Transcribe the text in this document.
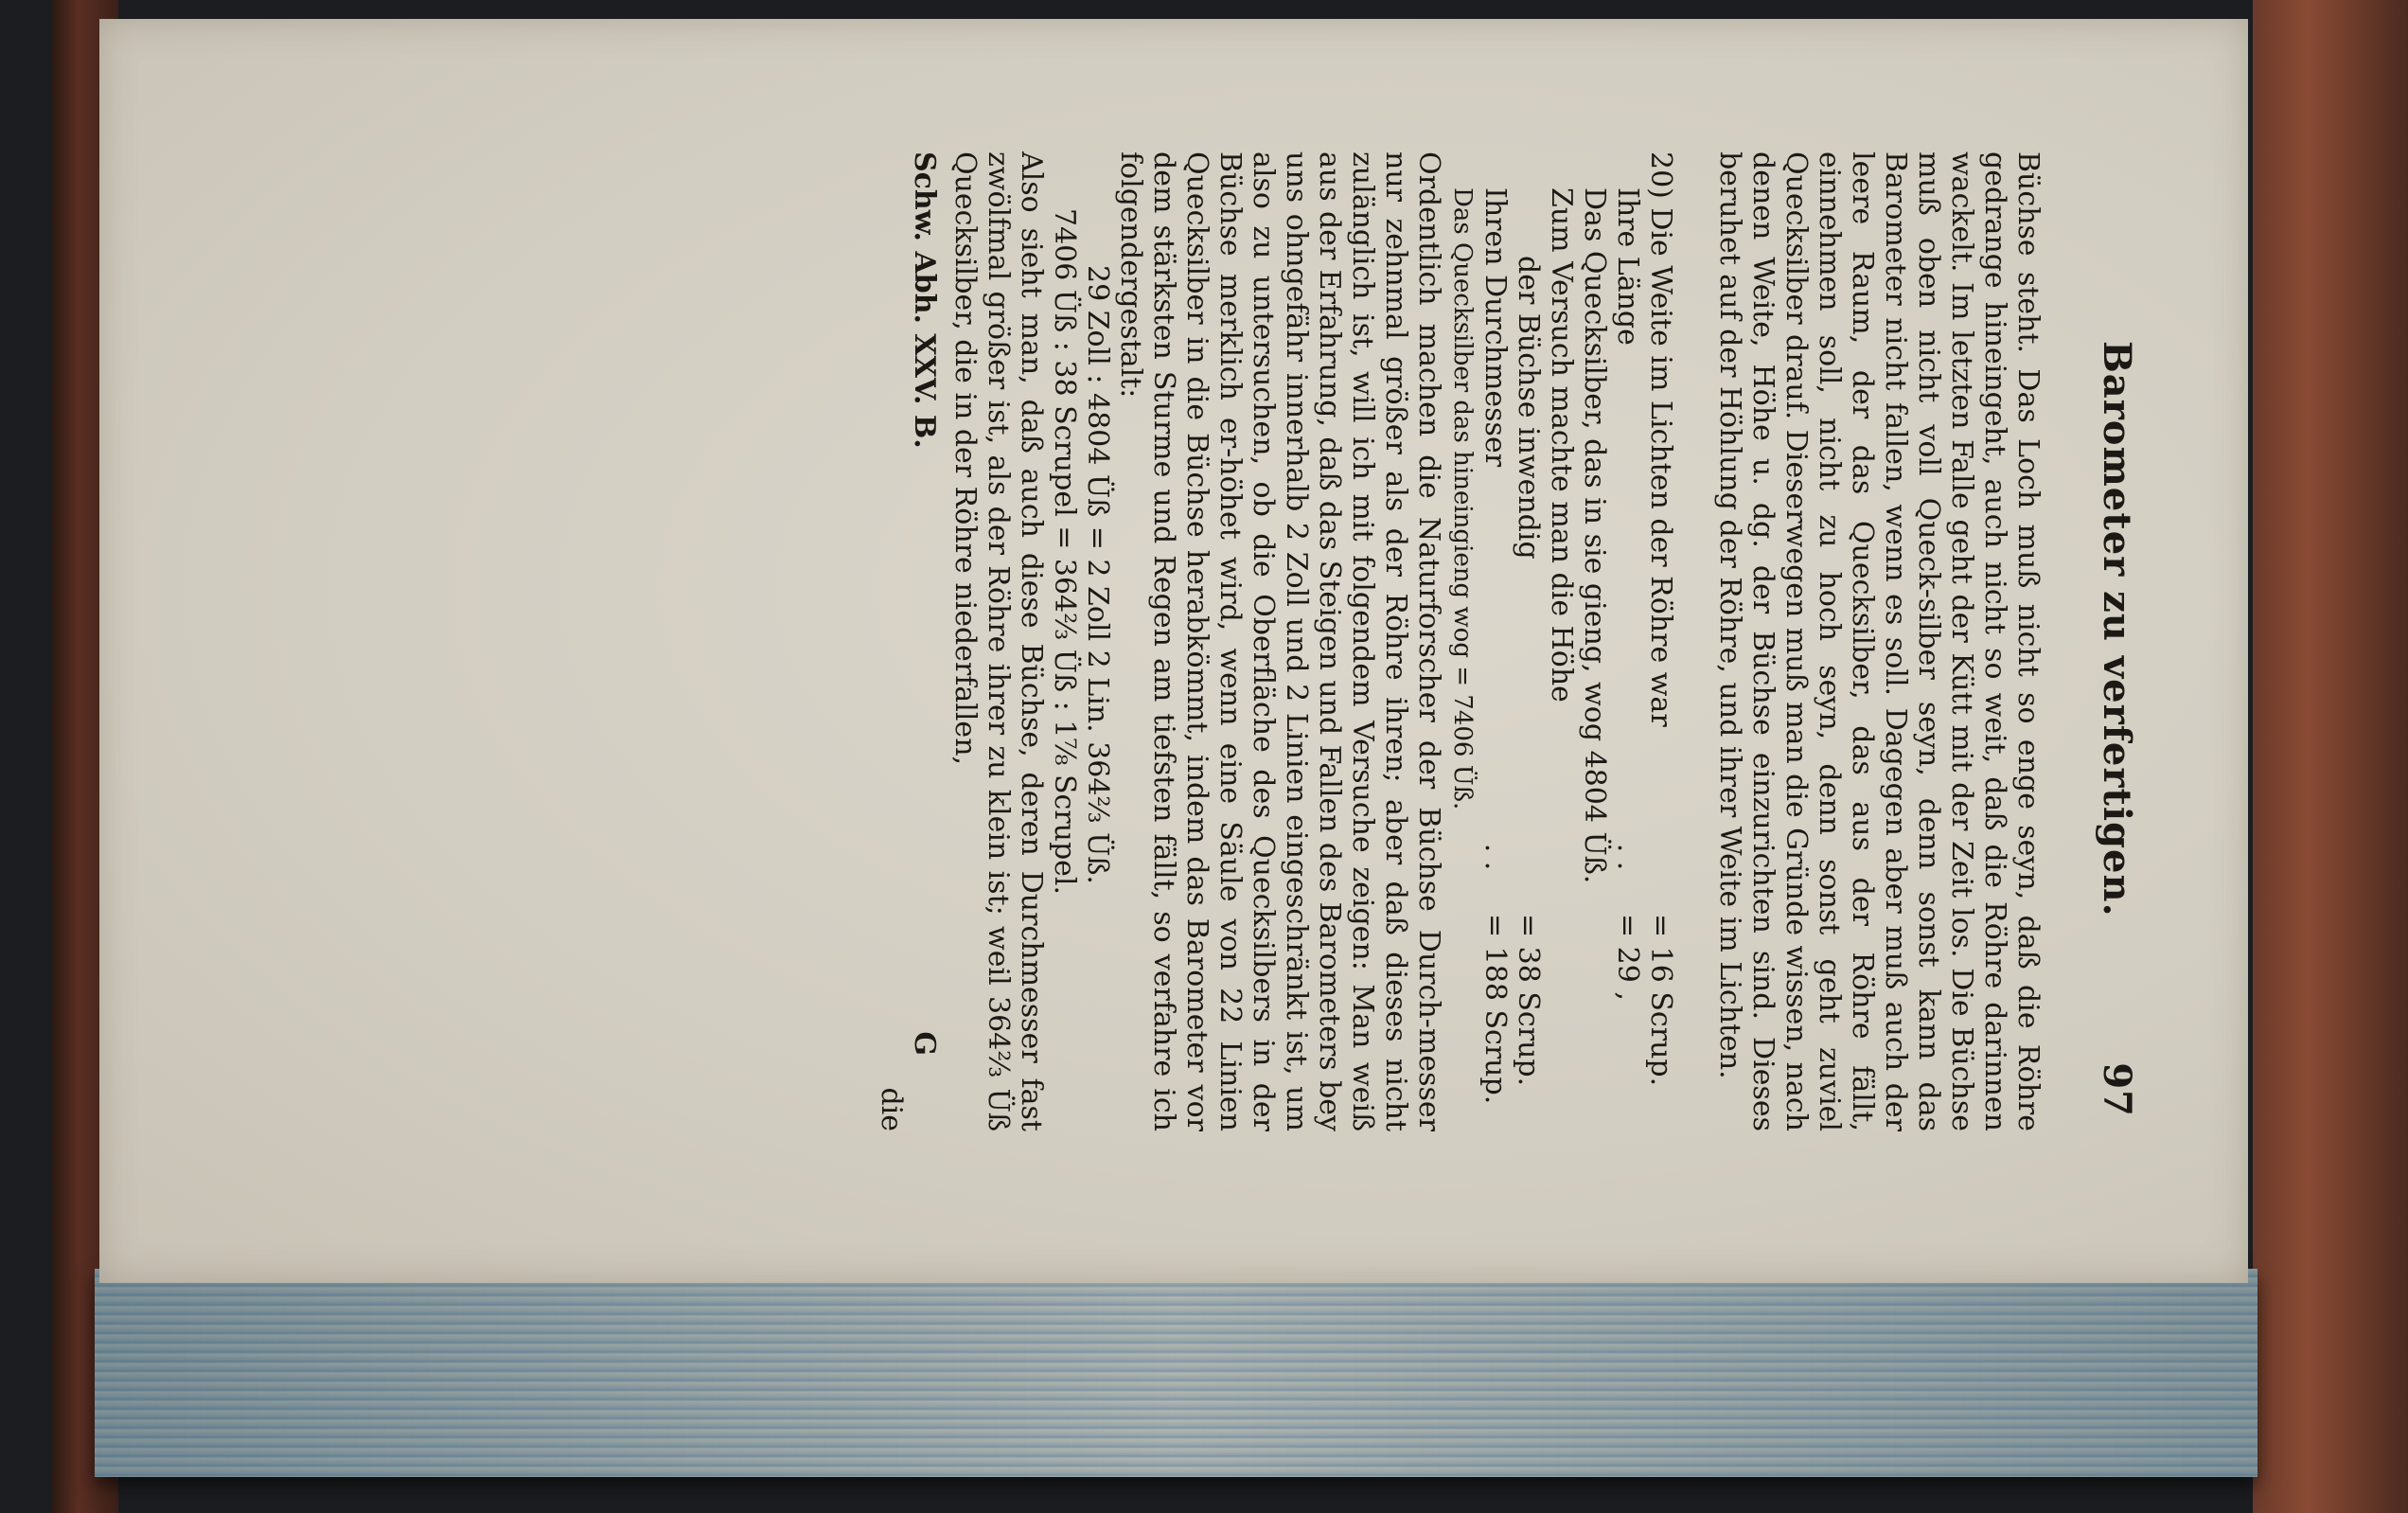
Barometer zu verfertigen.
97

Büchse steht. Das Loch muß nicht so enge seyn, daß die Röhre gedrange hineingeht, auch nicht so weit, daß die Röhre darinnen wackelt. Im letzten Falle geht der Kütt mit der Zeit los. Die Büchse muß oben nicht voll Queck-silber seyn, denn sonst kann das Barometer nicht fallen, wenn es soll. Dagegen aber muß auch der leere Raum, der das Quecksilber, das aus der Röhre fällt, einnehmen soll, nicht zu hoch seyn, denn sonst geht zuviel Quecksilber drauf. Dieserwegen muß man die Gründe wissen, nach denen Weite, Höhe u. dg. der Büchse einzurichten sind. Dieses beruhet auf der Höhlung der Röhre, und ihrer Weite im Lichten.

20) Die Weite im Lichten der Röhre war
= 16 Scrup.

Ihre Länge
. .
= 29 ,

Das Quecksilber, das in sie gieng, wog 4804 Üß.

Zum Versuch machte man die Höhe

der Büchse inwendig
= 38 Scrup.

Ihren Durchmesser
. .
= 188 Scrup.

Das Quecksilber das hineingieng wog = 7406 Üß.

Ordentlich machen die Naturforscher der Büchse Durch-messer nur zehnmal größer als der Röhre ihren; aber daß dieses nicht zulänglich ist, will ich mit folgendem Versuche zeigen: Man weiß aus der Erfahrung, daß das Steigen und Fallen des Barometers bey uns ohngefähr innerhalb 2 Zoll und 2 Linien eingeschränkt ist, um also zu untersuchen, ob die Oberfläche des Quecksilbers in der Büchse merklich er-höhet wird, wenn eine Säule von 22 Linien Quecksilber in die Büchse herabkömmt, indem das Barometer vor dem stärksten Sturme und Regen am tiefsten fällt, so verfahre ich folgendergestalt:

29 Zoll : 4804 Üß = 2 Zoll 2 Lin. 364⅔ Üß.

7406 Üß : 38 Scrupel = 364⅔ Üß : 1⅞ Scrupel.

Also sieht man, daß auch diese Büchse, deren Durchmesser fast zwölfmal größer ist, als der Röhre ihrer zu klein ist; weil 364⅔ Üß Quecksilber, die in der Röhre niederfallen,

Schw. Abh. XXV. B.
G

die
